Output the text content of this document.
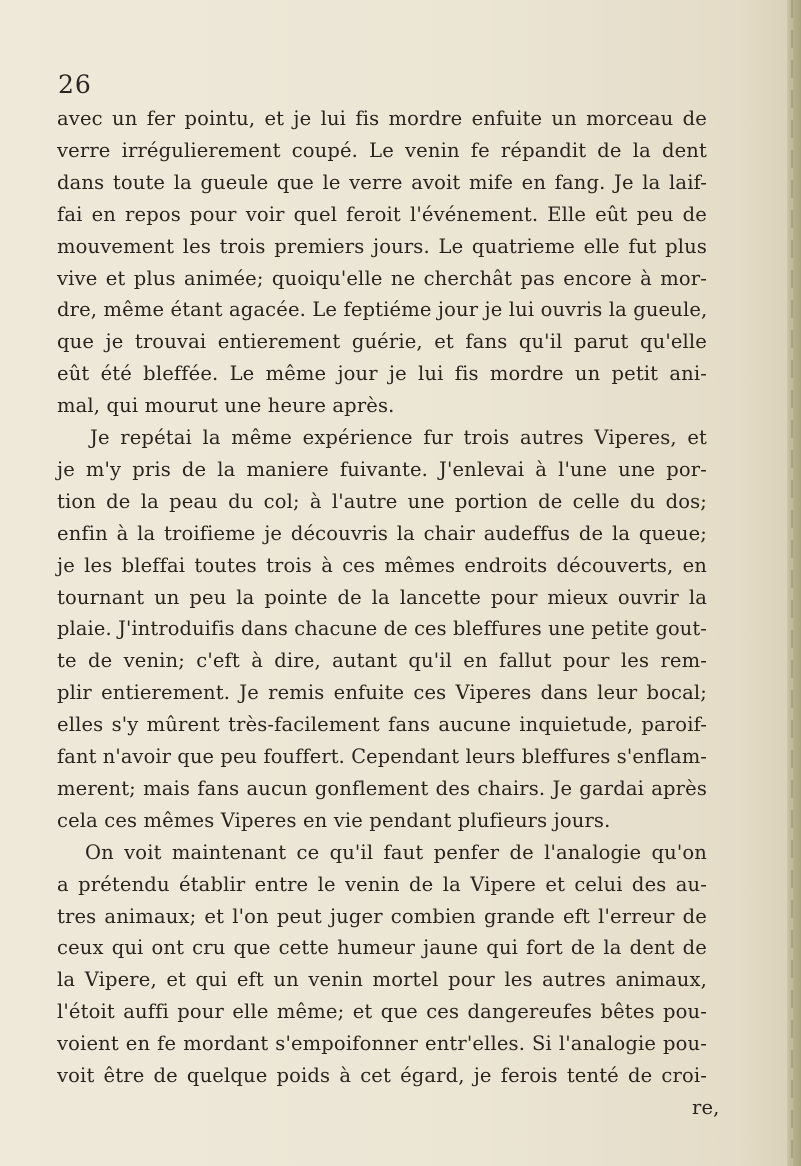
26
avec un fer pointu, et je lui fis mordre enfuite un morceau de
verre irrégulierement coupé. Le venin fe répandit de la dent
dans toute la gueule que le verre avoit mife en fang. Je la laif-
fai en repos pour voir quel feroit l'événement. Elle eût peu de
mouvement les trois premiers jours. Le quatrieme elle fut plus
vive et plus animée; quoiqu'elle ne cherchât pas encore à mor-
dre, même étant agacée. Le feptiéme jour je lui ouvris la gueule,
que je trouvai entierement guérie, et fans qu'il parut qu'elle
eût été bleffée. Le même jour je lui fis mordre un petit ani-
mal, qui mourut une heure après.
Je repétai la même expérience fur trois autres Viperes, et
je m'y pris de la maniere fuivante. J'enlevai à l'une une por-
tion de la peau du col; à l'autre une portion de celle du dos;
enfin à la troifieme je découvris la chair audeffus de la queue;
je les bleffai toutes trois à ces mêmes endroits découverts, en
tournant un peu la pointe de la lancette pour mieux ouvrir la
plaie. J'introduifis dans chacune de ces bleffures une petite gout-
te de venin; c'eft à dire, autant qu'il en fallut pour les rem-
plir entierement. Je remis enfuite ces Viperes dans leur bocal;
elles s'y mûrent très-facilement fans aucune inquietude, paroif-
fant n'avoir que peu fouffert. Cependant leurs bleffures s'enflam-
merent; mais fans aucun gonflement des chairs. Je gardai après
cela ces mêmes Viperes en vie pendant plufieurs jours.
On voit maintenant ce qu'il faut penfer de l'analogie qu'on
a prétendu établir entre le venin de la Vipere et celui des au-
tres animaux; et l'on peut juger combien grande eft l'erreur de
ceux qui ont cru que cette humeur jaune qui fort de la dent de
la Vipere, et qui eft un venin mortel pour les autres animaux,
l'étoit auffi pour elle même; et que ces dangereufes bêtes pou-
voient en fe mordant s'empoifonner entr'elles. Si l'analogie pou-
voit être de quelque poids à cet égard, je ferois tenté de croi-
re,
